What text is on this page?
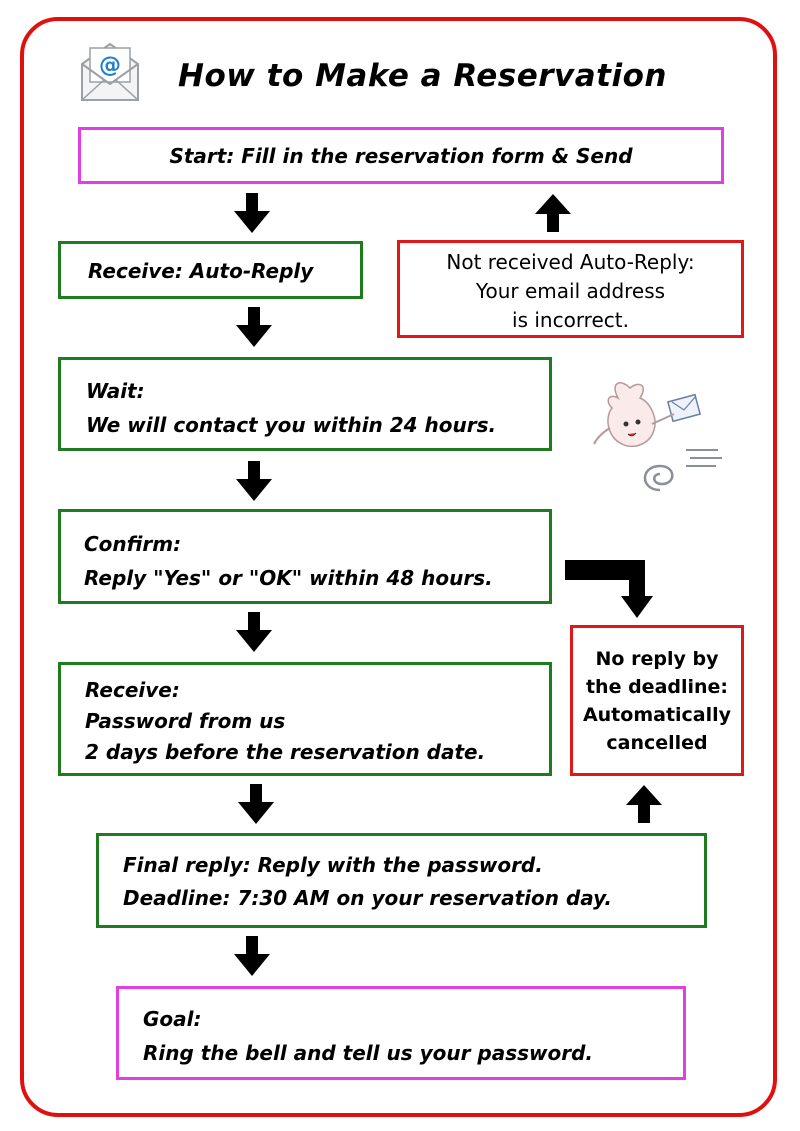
@ How to Make a Reservation
Start: Fill in the reservation form & Send
Receive: Auto-Reply	Not received Auto-Reply:
Your email address
is incorrect.
Wait:
We will contact you within 24 hours.
Confirm:
Reply "Yes" or "OK" within 48 hours.
No reply by
the deadline:
Automatically
cancelled
Receive:
Password from us
2 days before the reservation date.
Final reply: Reply with the password.
Deadline: 7:30 AM on your reservation day.
Goal:
Ring the bell and tell us your password.
